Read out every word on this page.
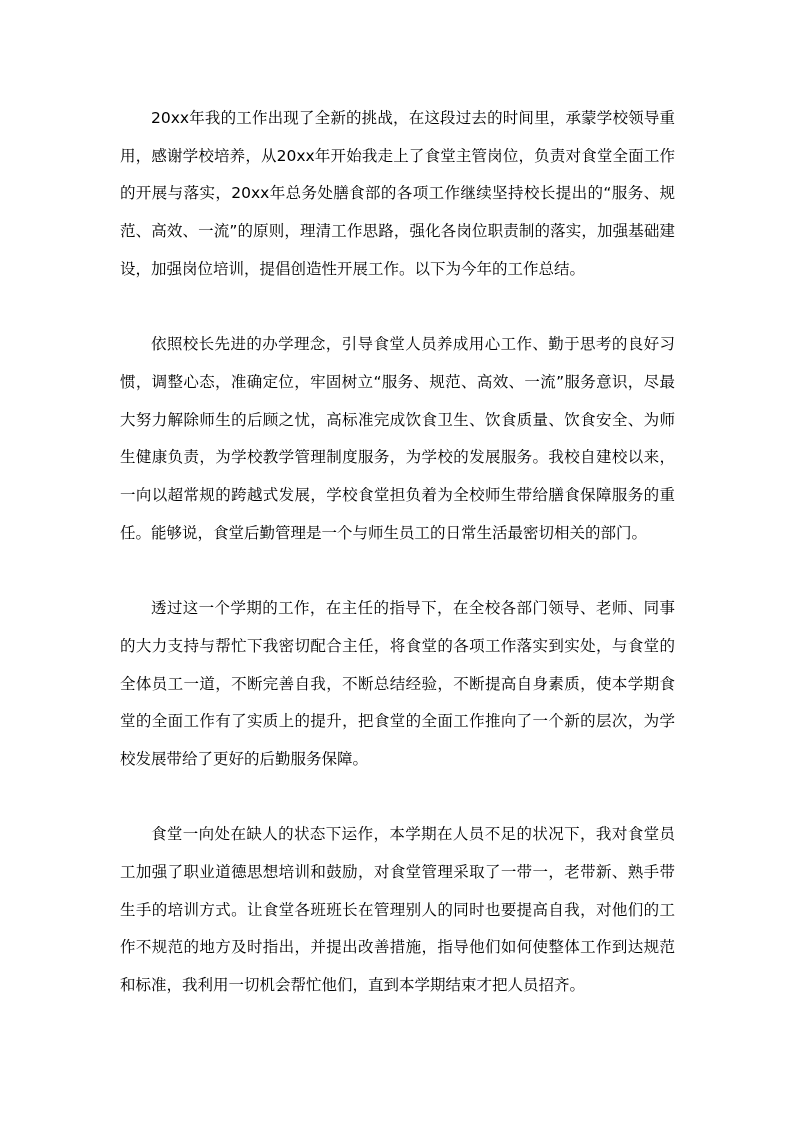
20xx年我的工作出现了全新的挑战，在这段过去的时间里，承蒙学校领导重用，感谢学校培养，从20xx年开始我走上了食堂主管岗位，负责对食堂全面工作的开展与落实，20xx年总务处膳食部的各项工作继续坚持校长提出的“服务、规范、高效、一流”的原则，理清工作思路，强化各岗位职责制的落实，加强基础建设，加强岗位培训，提倡创造性开展工作。以下为今年的工作总结。

依照校长先进的办学理念，引导食堂人员养成用心工作、勤于思考的良好习惯，调整心态，准确定位，牢固树立“服务、规范、高效、一流”服务意识，尽最大努力解除师生的后顾之忧，高标准完成饮食卫生、饮食质量、饮食安全、为师生健康负责，为学校教学管理制度服务，为学校的发展服务。我校自建校以来，一向以超常规的跨越式发展，学校食堂担负着为全校师生带给膳食保障服务的重任。能够说，食堂后勤管理是一个与师生员工的日常生活最密切相关的部门。

透过这一个学期的工作，在主任的指导下，在全校各部门领导、老师、同事的大力支持与帮忙下我密切配合主任，将食堂的各项工作落实到实处，与食堂的全体员工一道，不断完善自我，不断总结经验，不断提高自身素质，使本学期食堂的全面工作有了实质上的提升，把食堂的全面工作推向了一个新的层次，为学校发展带给了更好的后勤服务保障。

食堂一向处在缺人的状态下运作，本学期在人员不足的状况下，我对食堂员工加强了职业道德思想培训和鼓励，对食堂管理采取了一带一，老带新、熟手带生手的培训方式。让食堂各班班长在管理别人的同时也要提高自我，对他们的工作不规范的地方及时指出，并提出改善措施，指导他们如何使整体工作到达规范和标准，我利用一切机会帮忙他们，直到本学期结束才把人员招齐。
